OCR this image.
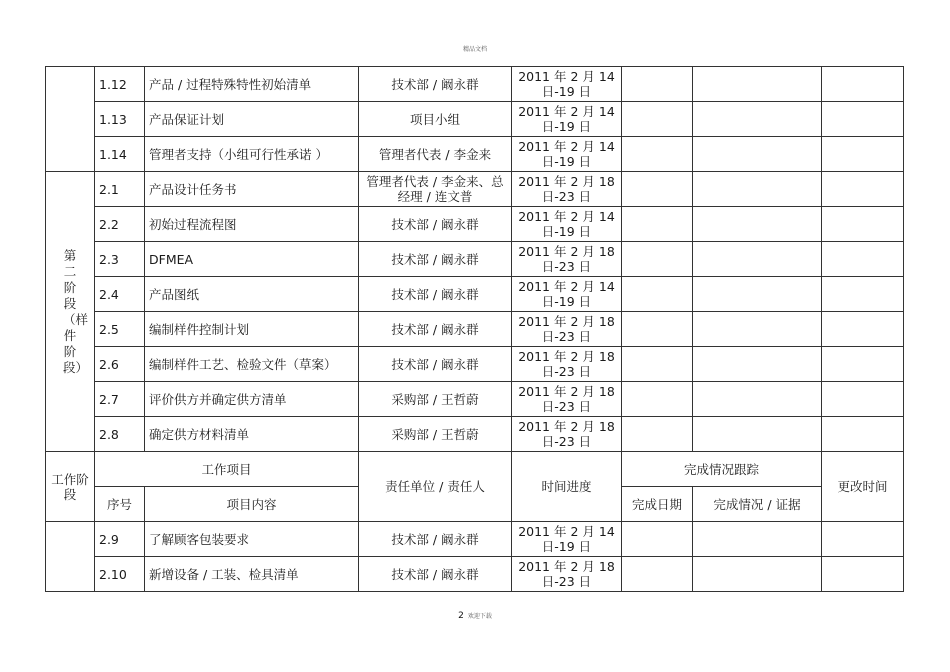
精品文档
	1.12	产品 / 过程特殊特性初始清单	技术部 / 阚永群	2011 年 2 月 14
日-19 日			

	1.13	产品保证计划	项目小组	2011 年 2 月 14
日-19 日			

	1.14	管理者支持（小组可行性承诺 ）	管理者代表 / 李金来	2011 年 2 月 14
日-19 日			

第二阶段（样件阶段）	2.1	产品设计任务书	管理者代表 / 李金来、总经理 / 连文普	2011 年 2 月 18
日-23 日			

	2.2	初始过程流程图	技术部 / 阚永群	2011 年 2 月 14
日-19 日			

	2.3	DFMEA	技术部 / 阚永群	2011 年 2 月 18
日-23 日			

	2.4	产品图纸	技术部 / 阚永群	2011 年 2 月 14
日-19 日			

	2.5	编制样件控制计划	技术部 / 阚永群	2011 年 2 月 18
日-23 日			

	2.6	编制样件工艺、检验文件（草案）	技术部 / 阚永群	2011 年 2 月 18
日-23 日			

	2.7	评价供方并确定供方清单	采购部 / 王哲蔚	2011 年 2 月 18
日-23 日			

	2.8	确定供方材料清单	采购部 / 王哲蔚	2011 年 2 月 18
日-23 日			

工作阶段	工作项目		责任单位 / 责任人	时间进度	完成情况跟踪		更改时间
	序号	项目内容			完成日期	完成情况 / 证据	
	2.9	了解顾客包装要求	技术部 / 阚永群	2011 年 2 月 14
日-19 日			

	2.10	新增设备 / 工装、检具清单	技术部 / 阚永群	2011 年 2 月 18
日-23 日			

2 欢迎下载
